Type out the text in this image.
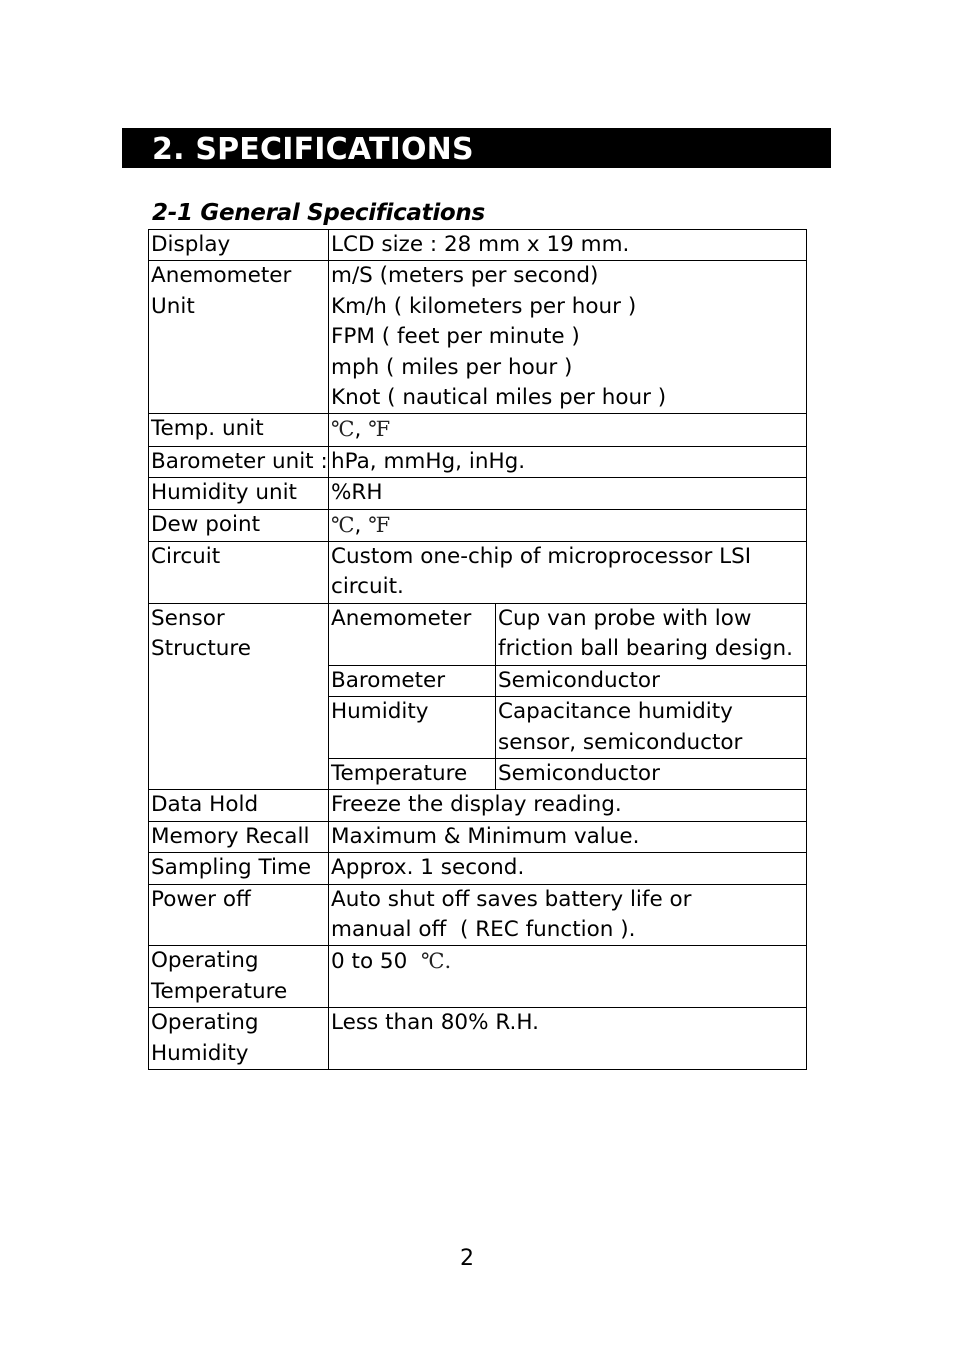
2. SPECIFICATIONS
2-1 General Specifications
Display	LCD size : 28 mm x 19 mm.	

Anemometer
Unit	m/S (meters per second)
Km/h ( kilometers per hour )
FPM ( feet per minute )
mph ( miles per hour )
Knot ( nautical miles per hour )	

Temp. unit	℃, ℉	
Barometer unit :	hPa, mmHg, inHg.	
Humidity unit	%RH	
Dew point	℃, ℉	
Circuit	Custom one-chip of microprocessor LSI
circuit.	

Sensor
Structure	Anemometer	Cup van probe with low
friction ball bearing design.

	Barometer	Semiconductor
	Humidity	Capacitance humidity
sensor, semiconductor

	Temperature	Semiconductor
Data Hold	Freeze the display reading.	
Memory Recall	Maximum & Minimum value.	
Sampling Time	Approx. 1 second.	
Power off	Auto shut off saves battery life or
manual off  ( REC function ).	

Operating
Temperature	0 to 50  ℃.	

Operating
Humidity	Less than 80% R.H.	
2
